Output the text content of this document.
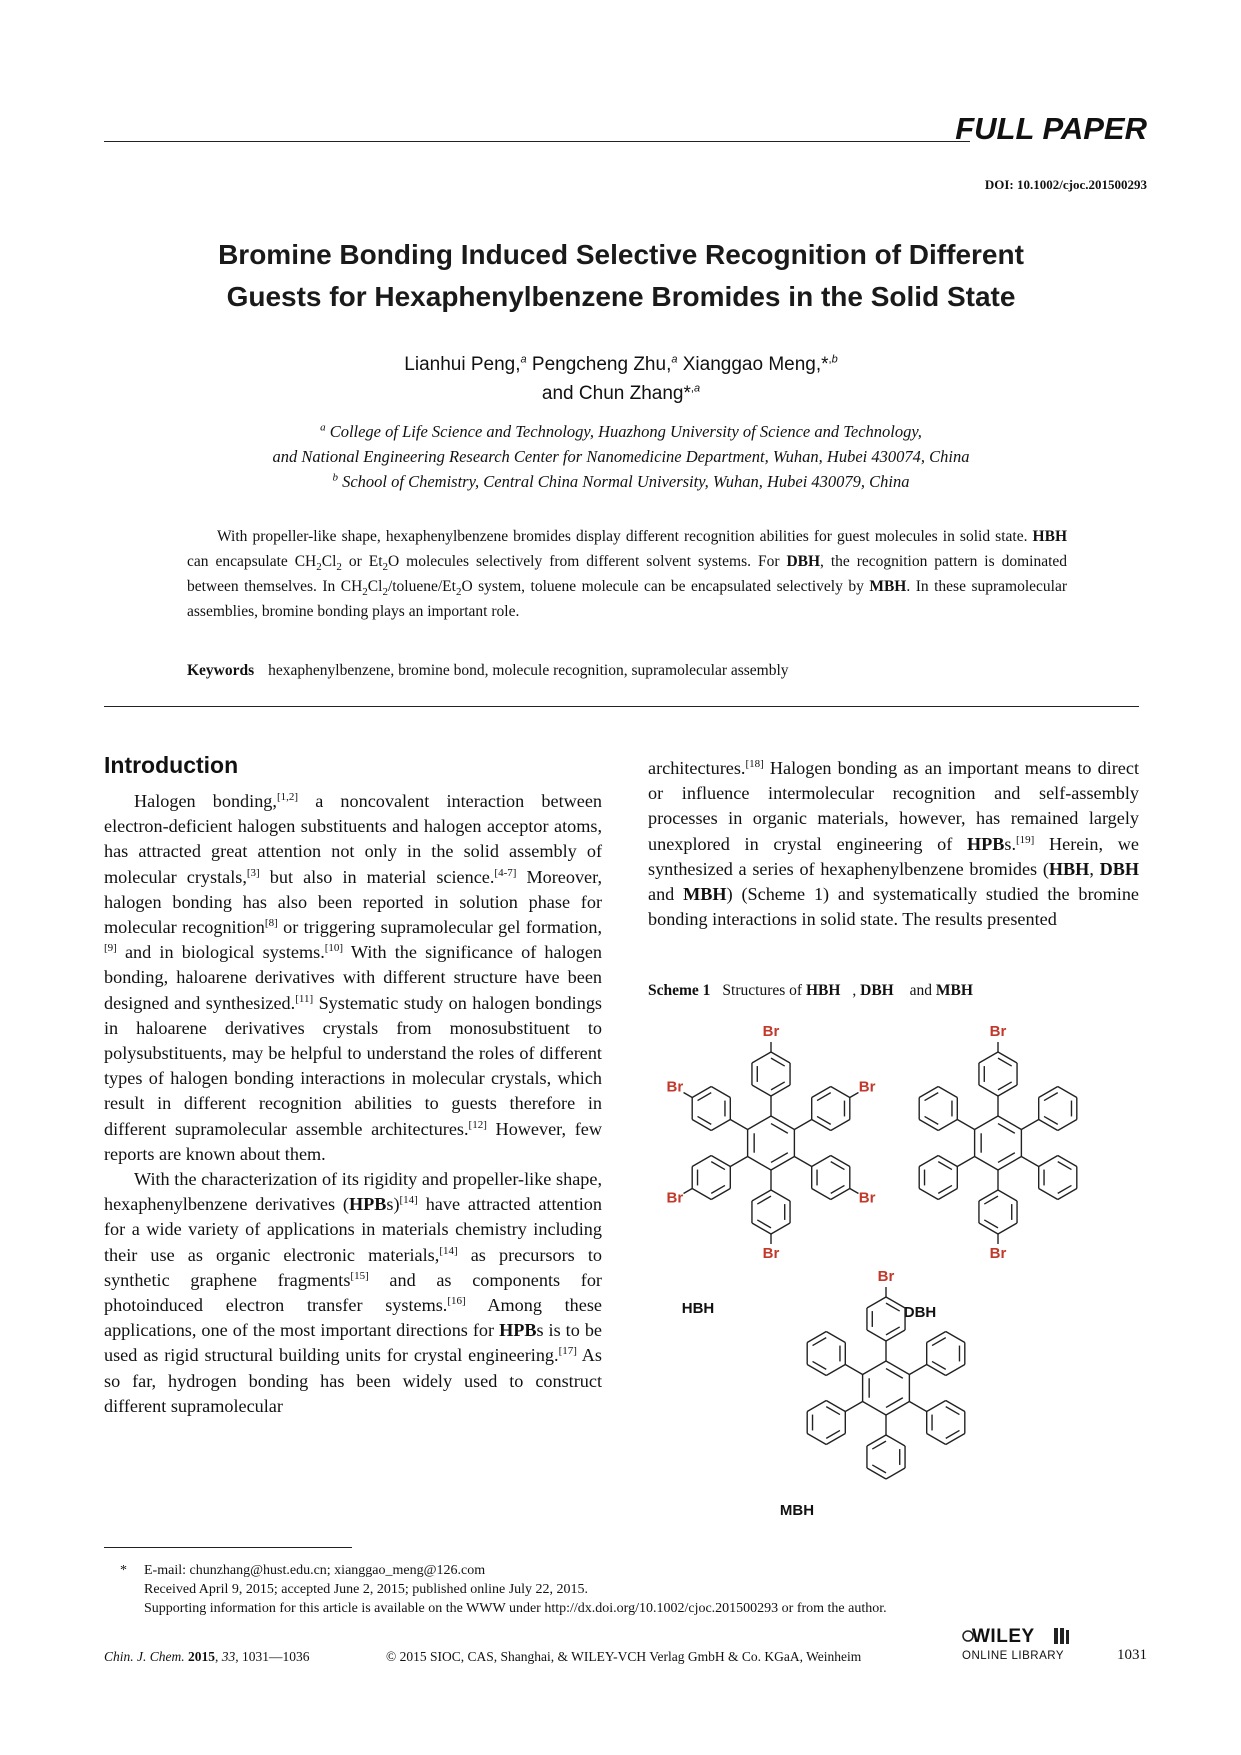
FULL PAPER
DOI: 10.1002/cjoc.201500293
Bromine Bonding Induced Selective Recognition of Different
Guests for Hexaphenylbenzene Bromides in the Solid State
Lianhui Peng,$^a$ Pengcheng Zhu,$^a$ Xianggao Meng,*$^{,b}$
and Chun Zhang*$^{,a}$
$^a$ College of Life Science and Technology, Huazhong University of Science and Technology,
and National Engineering Research Center for Nanomedicine Department, Wuhan, Hubei 430074, China
$^b$ School of Chemistry, Central China Normal University, Wuhan, Hubei 430079, China
With propeller-like shape, hexaphenylbenzene bromides display different recognition abilities for guest molecules in solid state. HBH can encapsulate $CH_2Cl_2$ or $Et_2O$ molecules selectively from different solvent systems. For DBH, the recognition pattern is dominated between themselves. In $CH_2Cl_2/toluene/Et_2O$ system, toluene molecule can be encapsulated selectively by MBH. In these supramolecular assemblies, bromine bonding plays an important role.
Keywords hexaphenylbenzene, bromine bond, molecule recognition, supramolecular assembly
Introduction

Halogen bonding,[1,2] a noncovalent interaction between electron-deficient halogen substituents and halogen acceptor atoms, has attracted great attention not only in the solid assembly of molecular crystals,[3] but also in material science.[4-7] Moreover, halogen bonding has also been reported in solution phase for molecular recognition[8] or triggering supramolecular gel formation,[9] and in biological systems.[10] With the significance of halogen bonding, haloarene derivatives with different structure have been designed and synthesized.[11] Systematic study on halogen bondings in haloarene derivatives crystals from monosubstituent to polysubstituents, may be helpful to understand the roles of different types of halogen bonding interactions in molecular crystals, which result in different recognition abilities to guests therefore in different supramolecular assemble architectures.[12] However, few reports are known about them.

With the characterization of its rigidity and propeller-like shape, hexaphenylbenzene derivatives (HPBs)[14] have attracted attention for a wide variety of applications in materials chemistry including their use as organic electronic materials,[14] as precursors to synthetic graphene fragments[15] and as components for photoinduced electron transfer systems.[16] Among these applications, one of the most important directions for HPBs is to be used as rigid structural building units for crystal engineering.[17] As so far, hydrogen bonding has been widely used to construct different supramolecular

architectures.[18] Halogen bonding as an important means to direct or influence intermolecular recognition and self-assembly processes in organic materials, however, has remained largely unexplored in crystal engineering of HPBs.[19] Herein, we synthesized a series of hexaphenylbenzene bromides (HBH, DBH and MBH) (Scheme 1) and systematically studied the bromine bonding interactions in solid state. The results presented

Scheme 1 Structures of HBH , DBH and MBH
Br
Br
Br
Br
Br
Br
HBH
Br
Br
DBH
Br
MBH
* E-mail: chunzhang@hust.edu.cn; xianggao_meng@126.com
Received April 9, 2015; accepted June 2, 2015; published online July 22, 2015.
Supporting information for this article is available on the WWW under http://dx.doi.org/10.1002/cjoc.201500293 or from the author.
Chin. J. Chem. 2015, 33, 1031—1036	© 2015 SIOC, CAS, Shanghai, & WILEY-VCH Verlag GmbH & Co. KGaA, Weinheim
WILEY
ONLINE LIBRARY	1031
